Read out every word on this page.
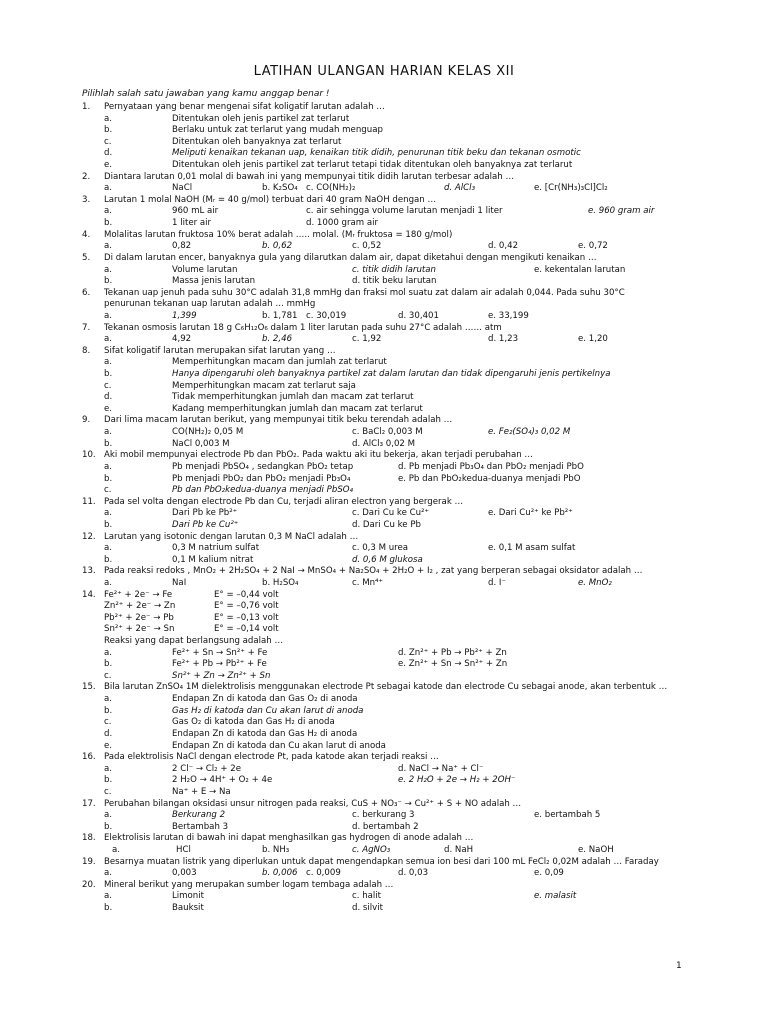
LATIHAN ULANGAN HARIAN KELAS XII
Pilihlah salah satu jawaban yang kamu anggap benar !
1. Pernyataan yang benar mengenai sifat koligatif larutan adalah …
a.	Ditentukan oleh jenis partikel zat terlarut
b.	Berlaku untuk zat terlarut yang mudah menguap
c.	Ditentukan oleh banyaknya zat terlarut
d.	Meliputi kenaikan tekanan uap, kenaikan titik didih, penurunan titik beku dan tekanan osmotic
e.	Ditentukan oleh jenis partikel zat terlarut tetapi tidak ditentukan oleh banyaknya zat terlarut
2. Diantara larutan 0,01 molal di bawah ini yang mempunyai titik didih larutan terbesar adalah …
a.	NaCl	b. K₂SO₄ c. CO(NH₂)₂	d. AlCl₃	e. [Cr(NH₃)₃Cl]Cl₂
3. Larutan 1 molal NaOH (Mᵣ = 40 g/mol) terbuat dari 40 gram NaOH dengan …
a.	960 mL air	c. air sehingga volume larutan menjadi 1 liter	e. 960 gram air
b.	1 liter air	d. 1000 gram air
4. Molalitas larutan fruktosa 10% berat adalah ….. molal. (Mᵣ fruktosa = 180 g/mol)
a.	0,82	b. 0,62	c. 0,52	d. 0,42	e. 0,72
5. Di dalam larutan encer, banyaknya gula yang dilarutkan dalam air, dapat diketahui dengan mengikuti kenaikan …
a.	Volume larutan	c. titik didih larutan	e. kekentalan larutan
b.	Massa jenis larutan	d. titik beku larutan
6. Tekanan uap jenuh pada suhu 30°C adalah 31,8 mmHg dan fraksi mol suatu zat dalam air adalah 0,044. Pada suhu 30°C
penurunan tekanan uap larutan adalah … mmHg
a.	1,399	b. 1,781 c. 30,019	d. 30,401	e. 33,199
7. Tekanan osmosis larutan 18 g C₆H₁₂O₆ dalam 1 liter larutan pada suhu 27°C adalah …… atm
a.	4,92	b. 2,46	c. 1,92	d. 1,23	e. 1,20
8. Sifat koligatif larutan merupakan sifat larutan yang …
a.	Memperhitungkan macam dan jumlah zat terlarut
b.	Hanya dipengaruhi oleh banyaknya partikel zat dalam larutan dan tidak dipengaruhi jenis pertikelnya
c.	Memperhitungkan macam zat terlarut saja
d.	Tidak memperhitungkan jumlah dan macam zat terlarut
e.	Kadang memperhitungkan jumlah dan macam zat terlarut
9. Dari lima macam larutan berikut, yang mempunyai titik beku terendah adalah …
a.	CO(NH₂)₂ 0,05 M	c. BaCl₂ 0,003 M	e. Fe₂(SO₄)₃ 0,02 M
b.	NaCl 0,003 M	d. AlCl₃ 0,02 M
10. Aki mobil mempunyai electrode Pb dan PbO₂. Pada waktu aki itu bekerja, akan terjadi perubahan …
a.	Pb menjadi PbSO₄ , sedangkan PbO₂ tetap	d. Pb menjadi Pb₃O₄ dan PbO₂ menjadi PbO
b.	Pb menjadi PbO₂ dan PbO₂ menjadi Pb₃O₄	e. Pb dan PbO₂kedua-duanya menjadi PbO
c.	Pb dan PbO₂kedua-duanya menjadi PbSO₄
11. Pada sel volta dengan electrode Pb dan Cu, terjadi aliran electron yang bergerak …
a.	Dari Pb ke Pb²⁺	c. Dari Cu ke Cu²⁺	e. Dari Cu²⁺ ke Pb²⁺
b.	Dari Pb ke Cu²⁺	d. Dari Cu ke Pb
12. Larutan yang isotonic dengan larutan 0,3 M NaCl adalah …
a.	0,3 M natrium sulfat	c. 0,3 M urea	e. 0,1 M asam sulfat
b.	0,1 M kalium nitrat	d. 0,6 M glukosa
13. Pada reaksi redoks , MnO₂ + 2H₂SO₄ + 2 NaI → MnSO₄ + Na₂SO₄ + 2H₂O + I₂ , zat yang berperan sebagai oksidator adalah …
a.	NaI	b. H₂SO₄	c. Mn⁴⁺	d. I⁻	e. MnO₂
14. Fe²⁺ + 2e⁻ → Fe	E° = –0,44 volt
Zn²⁺ + 2e⁻ → Zn	E° = –0,76 volt
Pb²⁺ + 2e⁻ → Pb	E° = –0,13 volt
Sn²⁺ + 2e⁻ → Sn	E° = –0,14 volt
Reaksi yang dapat berlangsung adalah …
a.	Fe²⁺ + Sn → Sn²⁺ + Fe	d. Zn²⁺ + Pb → Pb²⁺ + Zn
b.	Fe²⁺ + Pb → Pb²⁺ + Fe	e. Zn²⁺ + Sn → Sn²⁺ + Zn
c.	Sn²⁺ + Zn → Zn²⁺ + Sn
15. Bila larutan ZnSO₄ 1M dielektrolisis menggunakan electrode Pt sebagai katode dan electrode Cu sebagai anode, akan terbentuk …
a.	Endapan Zn di katoda dan Gas O₂ di anoda
b.	Gas H₂ di katoda dan Cu akan larut di anoda
c.	Gas O₂ di katoda dan Gas H₂ di anoda
d.	Endapan Zn di katoda dan Gas H₂ di anoda
e.	Endapan Zn di katoda dan Cu akan larut di anoda
16. Pada elektrolisis NaCl dengan electrode Pt, pada katode akan terjadi reaksi …
a.	2 Cl⁻ → Cl₂ + 2e	d. NaCl → Na⁺ + Cl⁻
b.	2 H₂O → 4H⁺ + O₂ + 4e	e. 2 H₂O + 2e → H₂ + 2OH⁻
c.	Na⁺ + E → Na
17. Perubahan bilangan oksidasi unsur nitrogen pada reaksi, CuS + NO₃⁻ → Cu²⁺ + S + NO adalah …
a.	Berkurang 2	c. berkurang 3	e. bertambah 5
b.	Bertambah 3	d. bertambah 2
18. Elektrolisis larutan di bawah ini dapat menghasilkan gas hydrogen di anode adalah …
a.	HCl	b. NH₃	c. AgNO₃	d. NaH	e. NaOH
19. Besarnya muatan listrik yang diperlukan untuk dapat mengendapkan semua ion besi dari 100 mL FeCl₂ 0,02M adalah … Faraday
a.	0,003	b. 0,006 c. 0,009	d. 0,03	e. 0,09
20. Mineral berikut yang merupakan sumber logam tembaga adalah …
a.	Limonit	c. halit	e. malasit
b.	Bauksit	d. silvit
1
